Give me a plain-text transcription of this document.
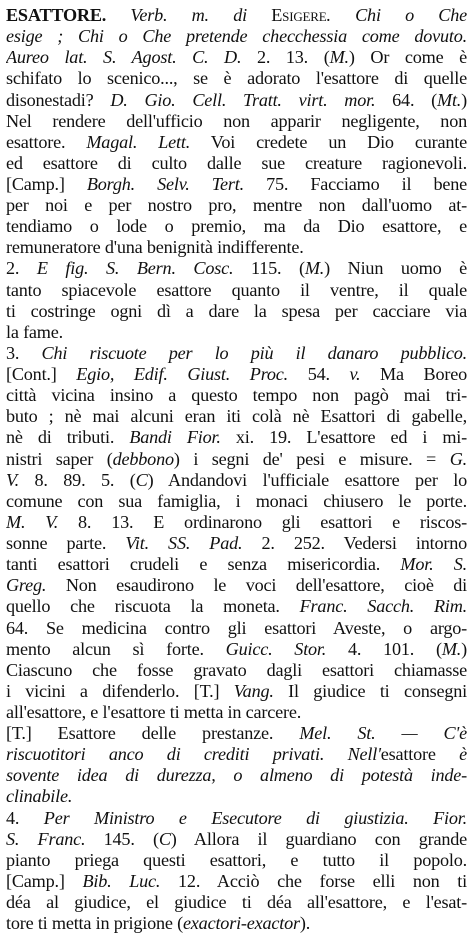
ESATTORE. Verb. m. di Esigere. Chi o Che
esige ; Chi o Che pretende checchessia come dovuto.
Aureo lat. S. Agost. C. D. 2. 13. (M.) Or come è
schifato lo scenico..., se è adorato l'esattore di quelle
disonestadi? D. Gio. Cell. Tratt. virt. mor. 64. (Mt.)
Nel rendere dell'ufficio non apparir negligente, non
esattore. Magal. Lett. Voi credete un Dio curante
ed esattore di culto dalle sue creature ragionevoli.
[Camp.] Borgh. Selv. Tert. 75. Facciamo il bene
per noi e per nostro pro, mentre non dall'uomo at-
tendiamo o lode o premio, ma da Dio esattore, e
remuneratore d'una benignità indifferente.
2. E fig. S. Bern. Cosc. 115. (M.) Niun uomo è
tanto spiacevole esattore quanto il ventre, il quale
ti costringe ogni dì a dare la spesa per cacciare via
la fame.
3. Chi riscuote per lo più il danaro pubblico.
[Cont.] Egio, Edif. Giust. Proc. 54. v. Ma Boreo
città vicina insino a questo tempo non pagò mai tri-
buto ; nè mai alcuni eran iti colà nè Esattori di gabelle,
nè di tributi. Bandi Fior. xi. 19. L'esattore ed i mi-
nistri saper (debbono) i segni de' pesi e misure. = G.
V. 8. 89. 5. (C) Andandovi l'ufficiale esattore per lo
comune con sua famiglia, i monaci chiusero le porte.
M. V. 8. 13. E ordinarono gli esattori e riscos-
sonne parte. Vit. SS. Pad. 2. 252. Vedersi intorno
tanti esattori crudeli e senza misericordia. Mor. S.
Greg. Non esaudirono le voci dell'esattore, cioè di
quello che riscuota la moneta. Franc. Sacch. Rim.
64. Se medicina contro gli esattori Aveste, o argo-
mento alcun sì forte. Guicc. Stor. 4. 101. (M.)
Ciascuno che fosse gravato dagli esattori chiamasse
i vicini a difenderlo. [T.] Vang. Il giudice ti consegni
all'esattore, e l'esattore ti metta in carcere.
[T.] Esattore delle prestanze. Mel. St. — C'è
riscuotitori anco di crediti privati. Nell'esattore è
sovente idea di durezza, o almeno di potestà inde-
clinabile.
4. Per Ministro e Esecutore di giustizia. Fior.
S. Franc. 145. (C) Allora il guardiano con grande
pianto priega questi esattori, e tutto il popolo.
[Camp.] Bib. Luc. 12. Acciò che forse elli non ti
déa al giudice, el giudice ti déa all'esattore, e l'esat-
tore ti metta in prigione (exactori-exactor).
